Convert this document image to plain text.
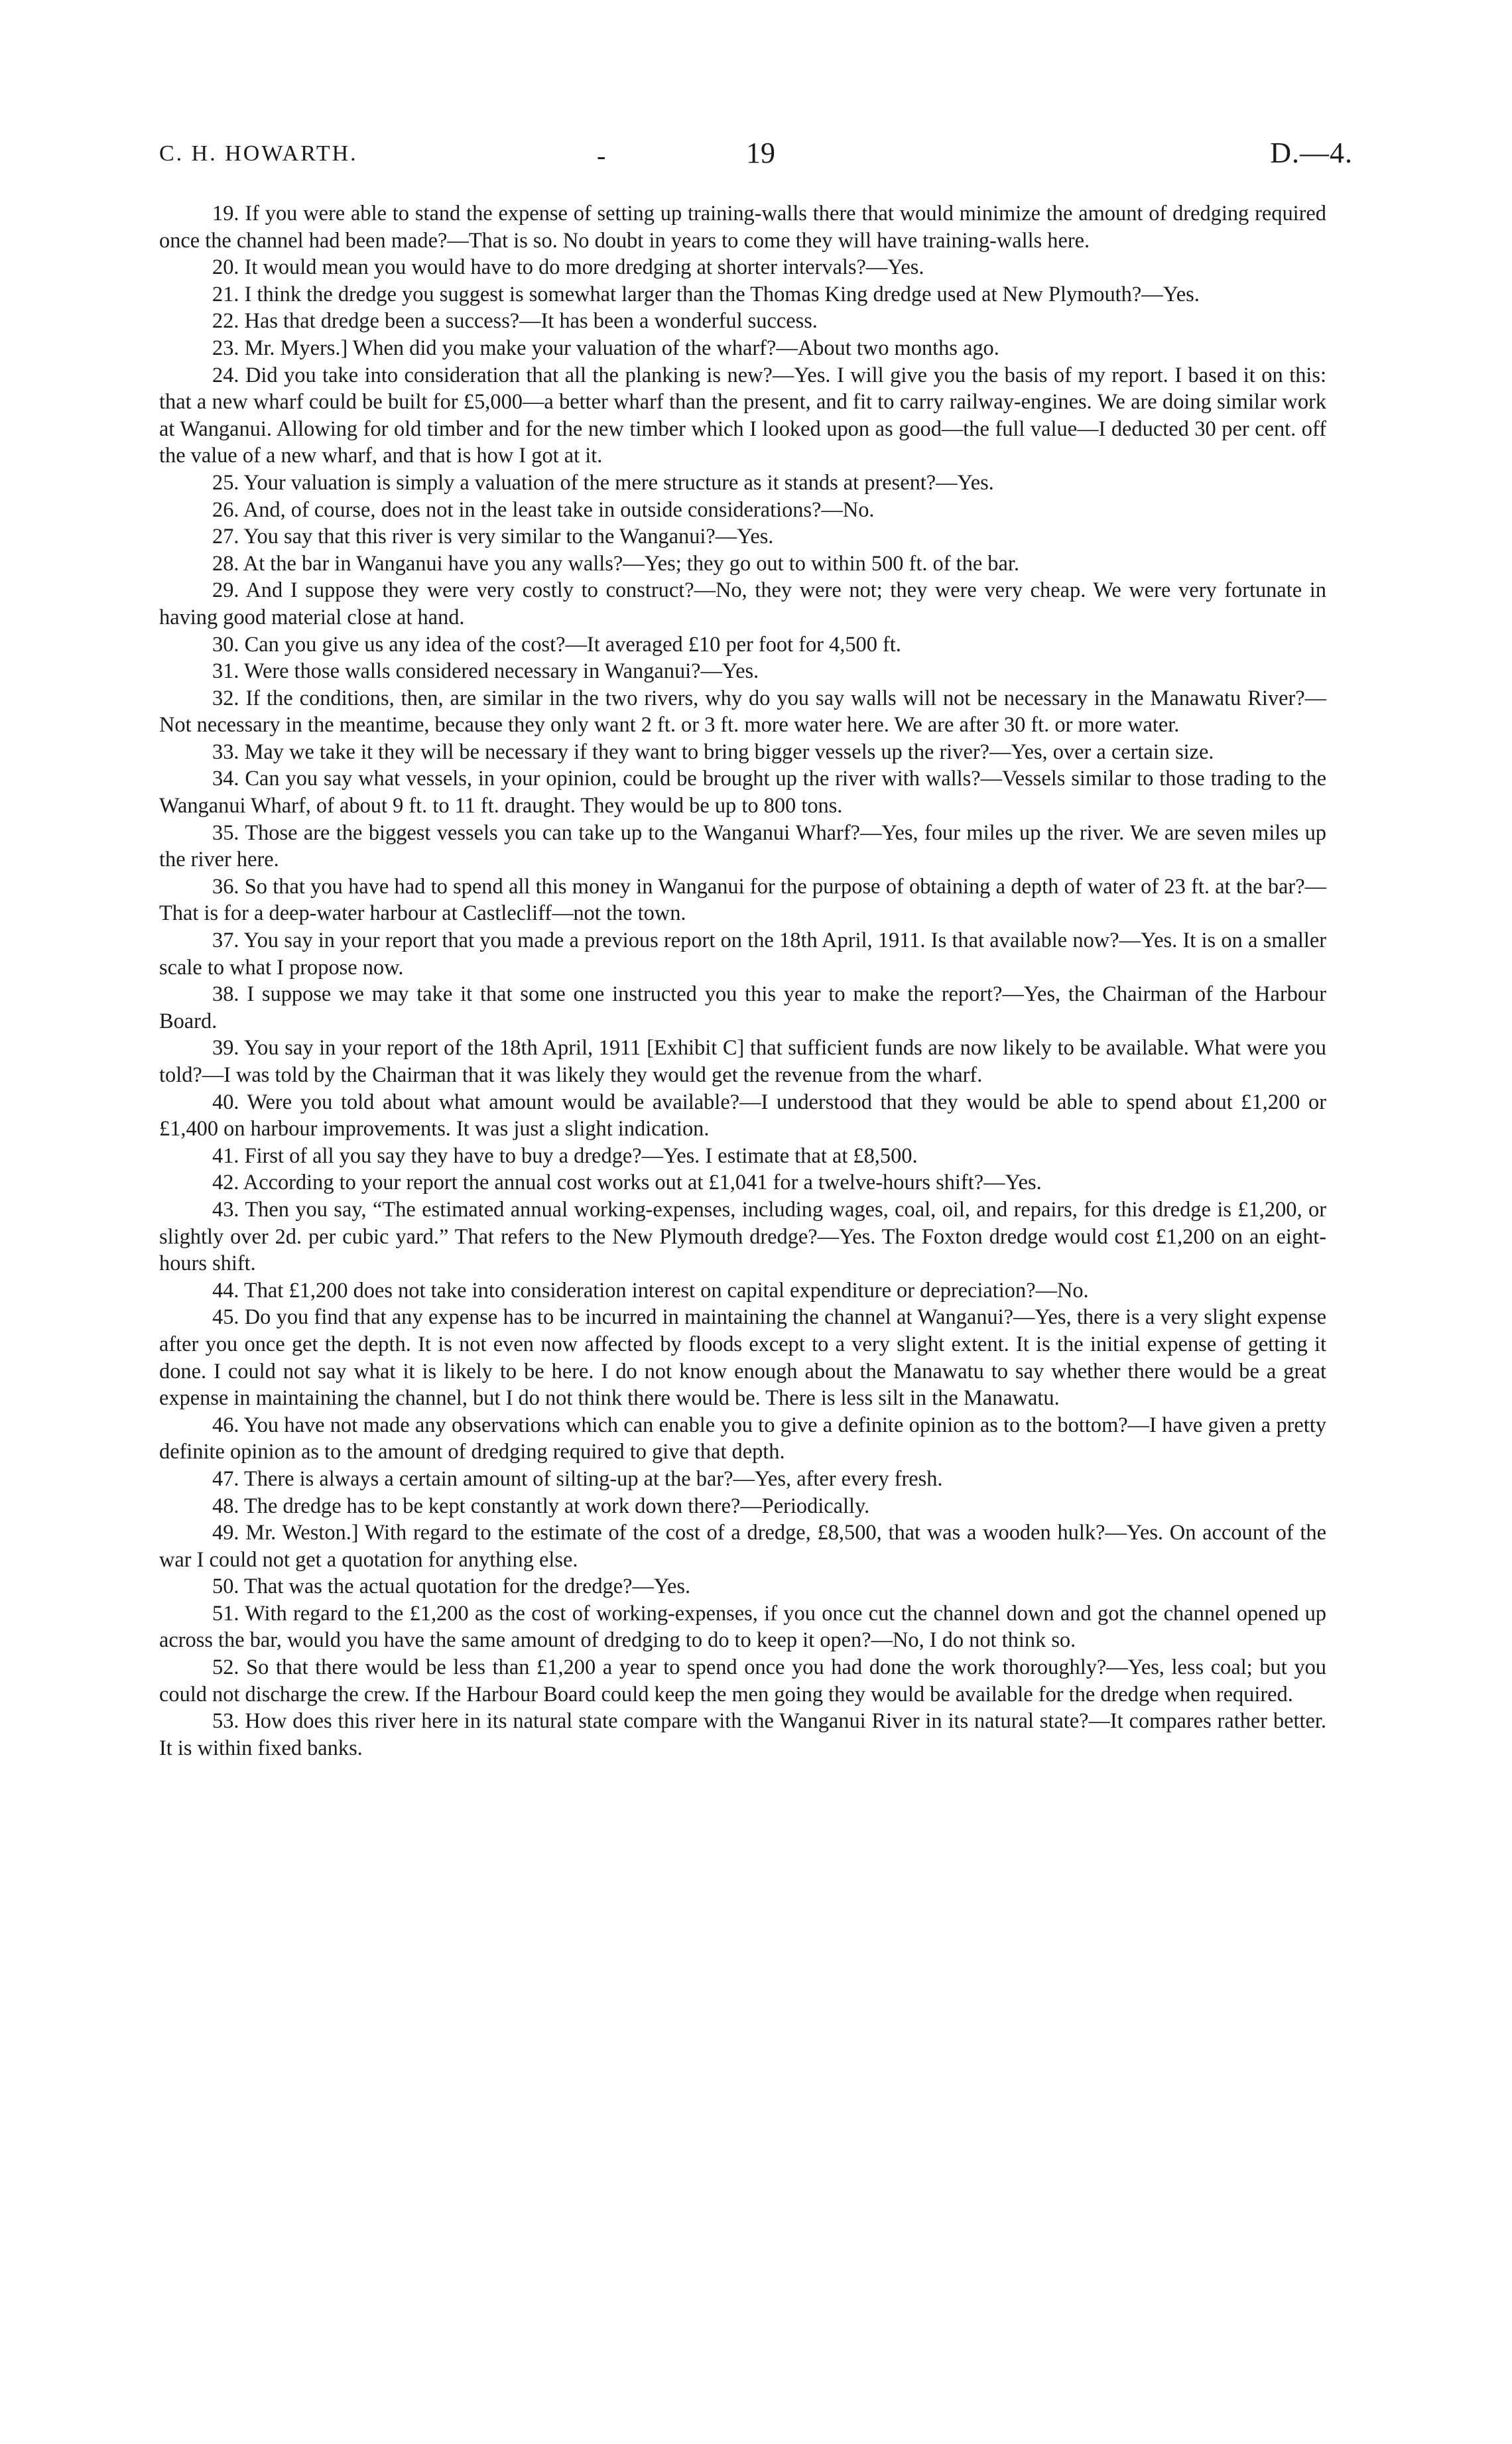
C. H. HOWARTH.	-	19	D.—4.

19. If you were able to stand the expense of setting up training-walls there that would minimize the amount of dredging required once the channel had been made?—That is so. No doubt in years to come they will have training-walls here.

20. It would mean you would have to do more dredging at shorter intervals?—Yes.

21. I think the dredge you suggest is somewhat larger than the Thomas King dredge used at New Plymouth?—Yes.

22. Has that dredge been a success?—It has been a wonderful success.

23. Mr. Myers.] When did you make your valuation of the wharf?—About two months ago.

24. Did you take into consideration that all the planking is new?—Yes. I will give you the basis of my report. I based it on this: that a new wharf could be built for £5,000—a better wharf than the present, and fit to carry railway-engines. We are doing similar work at Wanganui. Allowing for old timber and for the new timber which I looked upon as good—the full value—I deducted 30 per cent. off the value of a new wharf, and that is how I got at it.

25. Your valuation is simply a valuation of the mere structure as it stands at present?—Yes.

26. And, of course, does not in the least take in outside considerations?—No.

27. You say that this river is very similar to the Wanganui?—Yes.

28. At the bar in Wanganui have you any walls?—Yes; they go out to within 500 ft. of the bar.

29. And I suppose they were very costly to construct?—No, they were not; they were very cheap. We were very fortunate in having good material close at hand.

30. Can you give us any idea of the cost?—It averaged £10 per foot for 4,500 ft.

31. Were those walls considered necessary in Wanganui?—Yes.

32. If the conditions, then, are similar in the two rivers, why do you say walls will not be necessary in the Manawatu River?—Not necessary in the meantime, because they only want 2 ft. or 3 ft. more water here. We are after 30 ft. or more water.

33. May we take it they will be necessary if they want to bring bigger vessels up the river?—Yes, over a certain size.

34. Can you say what vessels, in your opinion, could be brought up the river with walls?—Vessels similar to those trading to the Wanganui Wharf, of about 9 ft. to 11 ft. draught. They would be up to 800 tons.

35. Those are the biggest vessels you can take up to the Wanganui Wharf?—Yes, four miles up the river. We are seven miles up the river here.

36. So that you have had to spend all this money in Wanganui for the purpose of obtaining a depth of water of 23 ft. at the bar?—That is for a deep-water harbour at Castlecliff—not the town.

37. You say in your report that you made a previous report on the 18th April, 1911. Is that available now?—Yes. It is on a smaller scale to what I propose now.

38. I suppose we may take it that some one instructed you this year to make the report?—Yes, the Chairman of the Harbour Board.

39. You say in your report of the 18th April, 1911 [Exhibit C] that sufficient funds are now likely to be available. What were you told?—I was told by the Chairman that it was likely they would get the revenue from the wharf.

40. Were you told about what amount would be available?—I understood that they would be able to spend about £1,200 or £1,400 on harbour improvements. It was just a slight indication.

41. First of all you say they have to buy a dredge?—Yes. I estimate that at £8,500.

42. According to your report the annual cost works out at £1,041 for a twelve-hours shift?—Yes.

43. Then you say, “The estimated annual working-expenses, including wages, coal, oil, and repairs, for this dredge is £1,200, or slightly over 2d. per cubic yard.” That refers to the New Plymouth dredge?—Yes. The Foxton dredge would cost £1,200 on an eight-hours shift.

44. That £1,200 does not take into consideration interest on capital expenditure or depreciation?—No.

45. Do you find that any expense has to be incurred in maintaining the channel at Wanganui?—Yes, there is a very slight expense after you once get the depth. It is not even now affected by floods except to a very slight extent. It is the initial expense of getting it done. I could not say what it is likely to be here. I do not know enough about the Manawatu to say whether there would be a great expense in maintaining the channel, but I do not think there would be. There is less silt in the Manawatu.

46. You have not made any observations which can enable you to give a definite opinion as to the bottom?—I have given a pretty definite opinion as to the amount of dredging required to give that depth.

47. There is always a certain amount of silting-up at the bar?—Yes, after every fresh.

48. The dredge has to be kept constantly at work down there?—Periodically.

49. Mr. Weston.] With regard to the estimate of the cost of a dredge, £8,500, that was a wooden hulk?—Yes. On account of the war I could not get a quotation for anything else.

50. That was the actual quotation for the dredge?—Yes.

51. With regard to the £1,200 as the cost of working-expenses, if you once cut the channel down and got the channel opened up across the bar, would you have the same amount of dredging to do to keep it open?—No, I do not think so.

52. So that there would be less than £1,200 a year to spend once you had done the work thoroughly?—Yes, less coal; but you could not discharge the crew. If the Harbour Board could keep the men going they would be available for the dredge when required.

53. How does this river here in its natural state compare with the Wanganui River in its natural state?—It compares rather better. It is within fixed banks.
